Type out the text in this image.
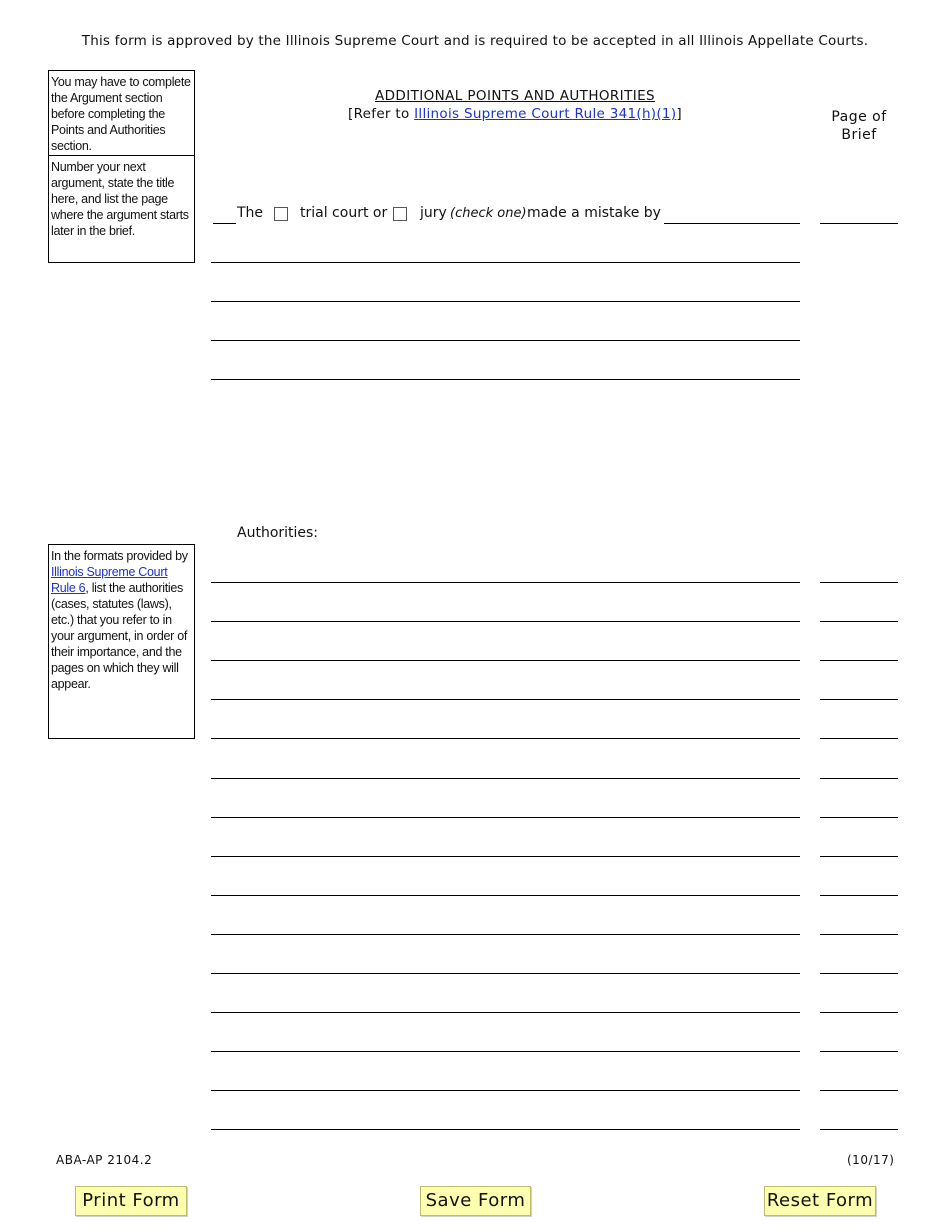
This form is approved by the Illinois Supreme Court and is required to be accepted in all Illinois Appellate Courts.
You may have to complete the Argument section before completing the Points and Authorities section.
Number your next argument, state the title here, and list the page where the argument starts later in the brief.
In the formats provided by Illinois Supreme Court Rule 6, list the authorities (cases, statutes (laws), etc.) that you refer to in your argument, in order of their importance, and the pages on which they will appear.
ADDITIONAL POINTS AND AUTHORITIES
[Refer to Illinois Supreme Court Rule 341(h)(1)]	Page of Brief
The	trial court or jury (check one) made a mistake by
Authorities:
ABA-AP 2104.2	(10/17)
Print Form	Save Form	Reset Form
